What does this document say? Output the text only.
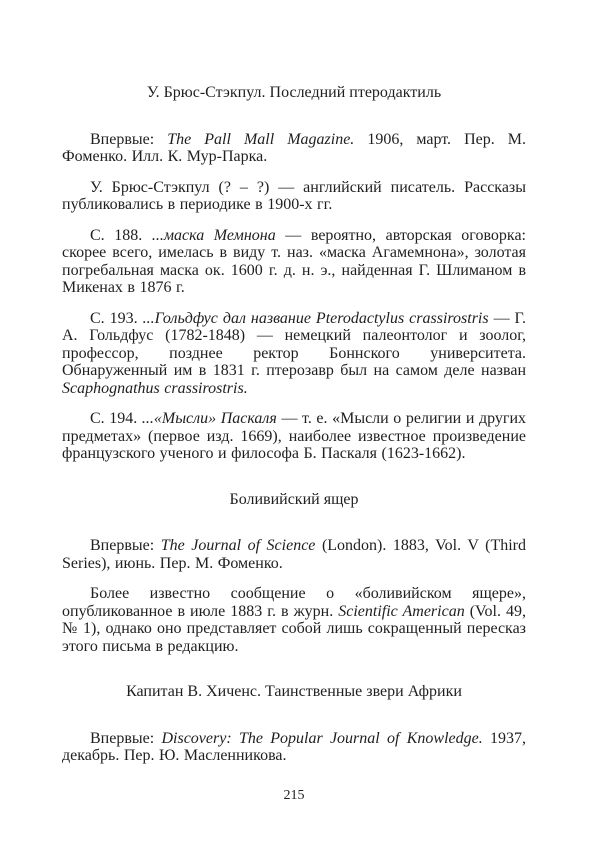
У. Брюс-Стэкпул. Последний птеродактиль

Впервые: The Pall Mall Magazine. 1906, март. Пер. М. Фоменко. Илл. К. Мур-Парка.

У. Брюс-Стэкпул (? – ?) — английский писатель. Рассказы публиковались в периодике в 1900-х гг.

С. 188. ...маска Мемнона — вероятно, авторская оговорка: скорее всего, имелась в виду т. наз. «маска Агамемнона», золотая погребальная маска ок. 1600 г. д. н. э., найденная Г. Шлиманом в Микенах в 1876 г.

С. 193. ...Гольдфус дал название Pterodactylus crassirostris — Г. А. Гольдфус (1782-1848) — немецкий палеонтолог и зоолог, профессор, позднее ректор Боннского университета. Обнаруженный им в 1831 г. птерозавр был на самом деле назван Scaphognathus crassirostris.

С. 194. ...«Мысли» Паскаля — т. е. «Мысли о религии и других предметах» (первое изд. 1669), наиболее известное произведение французского ученого и философа Б. Паскаля (1623-1662).

Боливийский ящер

Впервые: The Journal of Science (London). 1883, Vol. V (Third Series), июнь. Пер. М. Фоменко.

Более известно сообщение о «боливийском ящере», опубликованное в июле 1883 г. в журн. Scientific American (Vol. 49, № 1), однако оно представляет собой лишь сокращенный пересказ этого письма в редакцию.

Капитан В. Хиченс. Таинственные звери Африки

Впервые: Discovery: The Popular Journal of Knowledge. 1937, декабрь. Пер. Ю. Масленникова.

215
